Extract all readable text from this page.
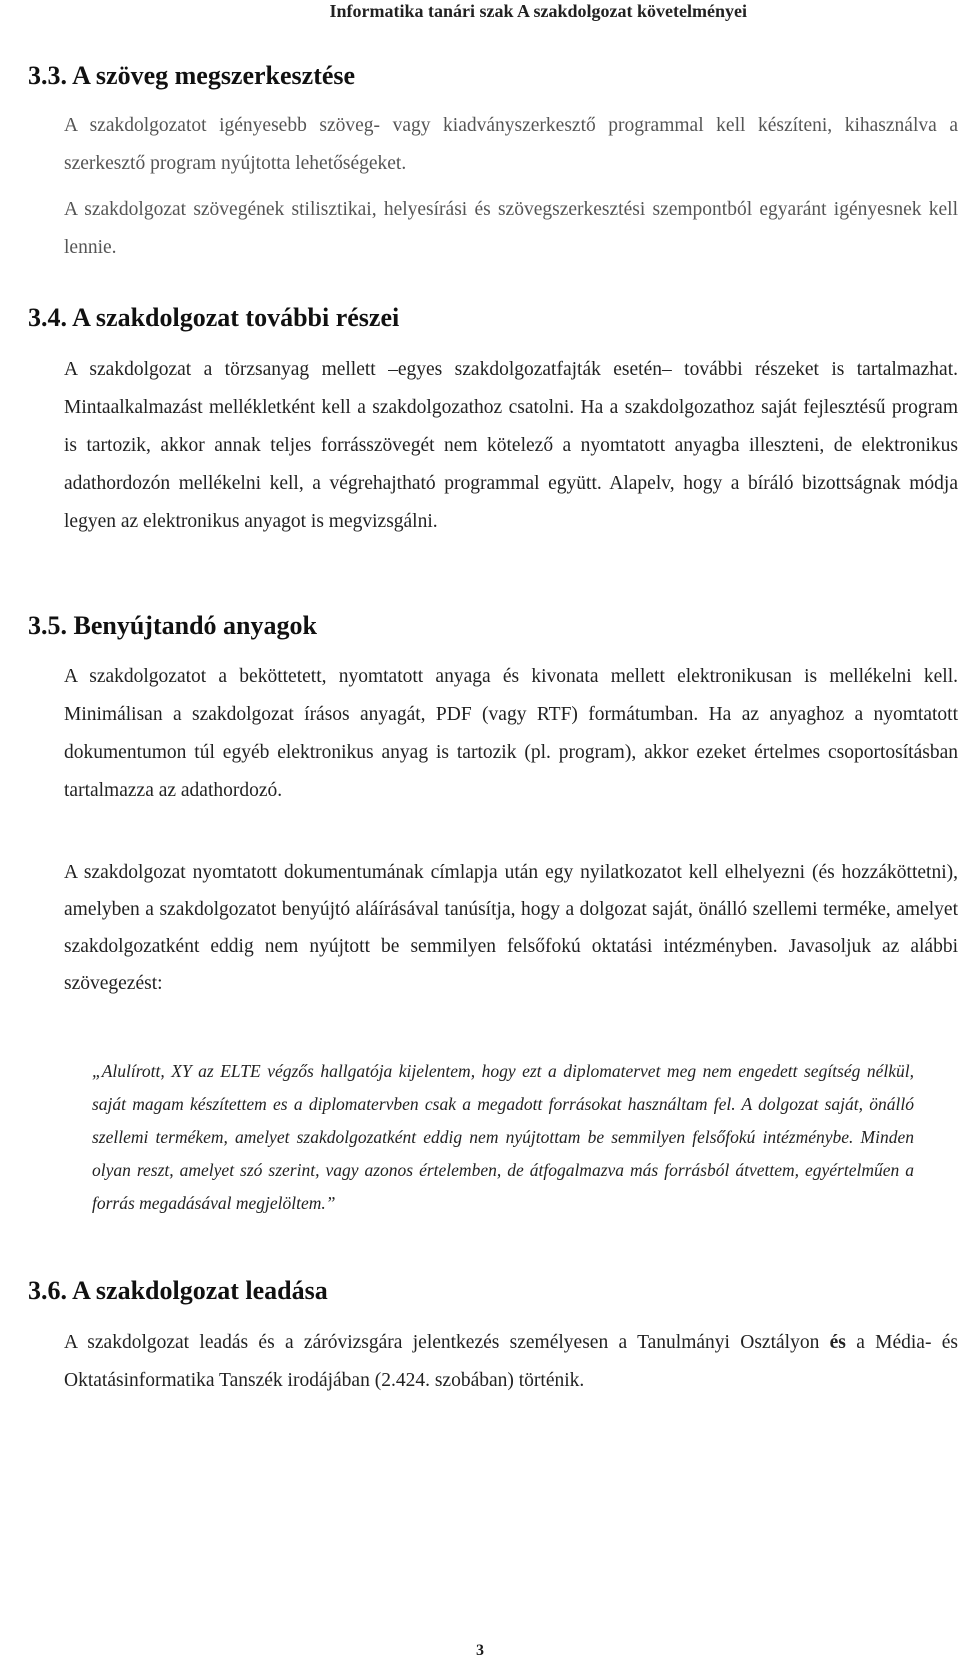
Informatika tanári szak A szakdolgozat követelményei
3.3. A szöveg megszerkesztése

A szakdolgozatot igényesebb szöveg- vagy kiadványszerkesztő programmal kell készíteni, kihasználva a szerkesztő program nyújtotta lehetőségeket.

A szakdolgozat szövegének stilisztikai, helyesírási és szövegszerkesztési szempontból egyaránt igényesnek kell lennie.

3.4. A szakdolgozat további részei

A szakdolgozat a törzsanyag mellett –egyes szakdolgozatfajták esetén– további részeket is tartalmazhat. Mintaalkalmazást mellékletként kell a szakdolgozathoz csatolni. Ha a szakdolgozathoz saját fejlesztésű program is tartozik, akkor annak teljes forrásszövegét nem kötelező a nyomtatott anyagba illeszteni, de elektronikus adathordozón mellékelni kell, a végrehajtható programmal együtt. Alapelv, hogy a bíráló bizottságnak módja legyen az elektronikus anyagot is megvizsgálni.

3.5. Benyújtandó anyagok

A szakdolgozatot a beköttetett, nyomtatott anyaga és kivonata mellett elektronikusan is mellékelni kell. Minimálisan a szakdolgozat írásos anyagát, PDF (vagy RTF) formátumban. Ha az anyaghoz a nyomtatott dokumentumon túl egyéb elektronikus anyag is tartozik (pl. program), akkor ezeket értelmes csoportosításban tartalmazza az adathordozó.

A szakdolgozat nyomtatott dokumentumának címlapja után egy nyilatkozatot kell elhelyezni (és hozzáköttetni), amelyben a szakdolgozatot benyújtó aláírásával tanúsítja, hogy a dolgozat saját, önálló szellemi terméke, amelyet szakdolgozatként eddig nem nyújtott be semmilyen felsőfokú oktatási intézményben. Javasoljuk az alábbi szövegezést:

„Alulírott, XY az ELTE végzős hallgatója kijelentem, hogy ezt a diplomatervet meg nem engedett segítség nélkül, saját magam készítettem es a diplomatervben csak a megadott forrásokat használtam fel. A dolgozat saját, önálló szellemi termékem, amelyet szakdolgozatként eddig nem nyújtottam be semmilyen felsőfokú intézménybe. Minden olyan reszt, amelyet szó szerint, vagy azonos értelemben, de átfogalmazva más forrásból átvettem, egyértelműen a forrás megadásával megjelöltem.”

3.6. A szakdolgozat leadása

A szakdolgozat leadás és a záróvizsgára jelentkezés személyesen a Tanulmányi Osztályon és a Média- és Oktatásinformatika Tanszék irodájában (2.424. szobában) történik.

3
